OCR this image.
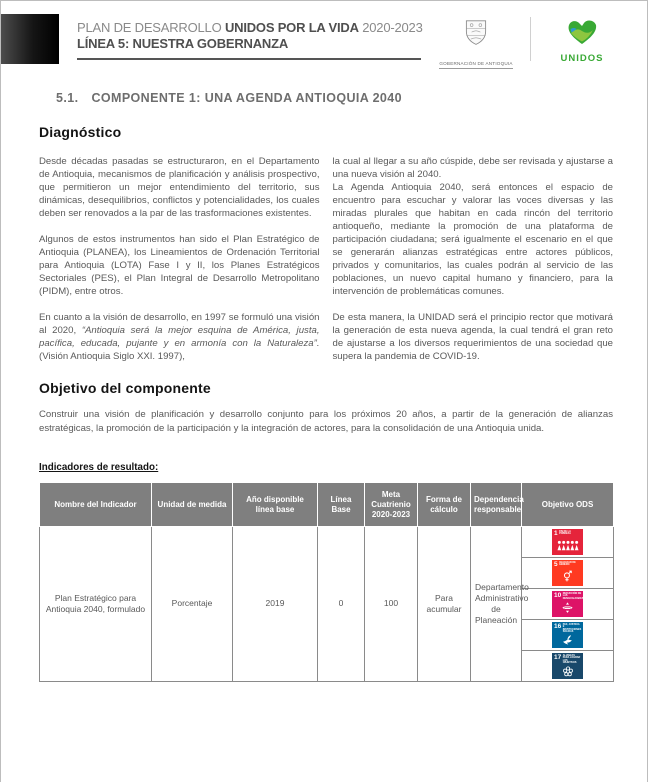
PLAN DE DESARROLLO UNIDOS POR LA VIDA 2020-2023
LÍNEA 5: NUESTRA GOBERNANZA

GOBERNACIÓN DE ANTIOQUIA	UNIDOS
5.1. COMPONENTE 1: UNA AGENDA ANTIOQUIA 2040
Diagnóstico

Desde décadas pasadas se estructuraron, en el Departamento de Antioquia, mecanismos de planificación y análisis prospectivo, que permitieron un mejor entendimiento del territorio, sus dinámicas, desequilibrios, conflictos y potencialidades, los cuales deben ser renovados a la par de las trasformaciones existentes.

Algunos de estos instrumentos han sido el Plan Estratégico de Antioquia (PLANEA), los Lineamientos de Ordenación Territorial para Antioquia (LOTA) Fase I y II, los Planes Estratégicos Sectoriales (PES), el Plan Integral de Desarrollo Metropolitano (PIDM), entre otros.

En cuanto a la visión de desarrollo, en 1997 se formuló una visión al 2020, “Antioquia será la mejor esquina de América, justa, pacífica, educada, pujante y en armonía con la Naturaleza”. (Visión Antioquia Siglo XXI. 1997),

la cual al llegar a su año cúspide, debe ser revisada y ajustarse a una nueva visión al 2040.

La Agenda Antioquia 2040, será entonces el espacio de encuentro para escuchar y valorar las voces diversas y las miradas plurales que habitan en cada rincón del territorio antioqueño, mediante la promoción de una plataforma de participación ciudadana; será igualmente el escenario en el que se generarán alianzas estratégicas entre actores públicos, privados y comunitarios, las cuales podrán al servicio de las poblaciones, un nuevo capital humano y financiero, para la intervención de problemáticas comunes.

De esta manera, la UNIDAD será el principio rector que motivará la generación de esta nueva agenda, la cual tendrá el gran reto de ajustarse a los diversos requerimientos de una sociedad que supera la pandemia de COVID-19.

Objetivo del componente

Construir una visión de planificación y desarrollo conjunto para los próximos 20 años, a partir de la generación de alianzas estratégicas, la promoción de la participación y la integración de actores, para la consolidación de una Antioquia unida.

Indicadores de resultado:

Nombre del Indicador	Unidad de medida	Año disponible línea base	Línea Base	Meta Cuatrienio 2020-2023	Forma de cálculo	Dependencia responsable	Objetivo ODS
Plan Estratégico para Antioquia 2040, formulado	Porcentaje	2019	0	100	Para acumular	Departamento Administrativo de Planeación	1 FIN DE LA POBREZA

							5 IGUALDAD DE GÉNERO

							10 REDUCCIÓN DE LAS DESIGUALDADES

							16 PAZ, JUSTICIA E INSTITUCIONES SÓLIDAS

							17 ALIANZAS PARA LOGRAR LOS OBJETIVOS
